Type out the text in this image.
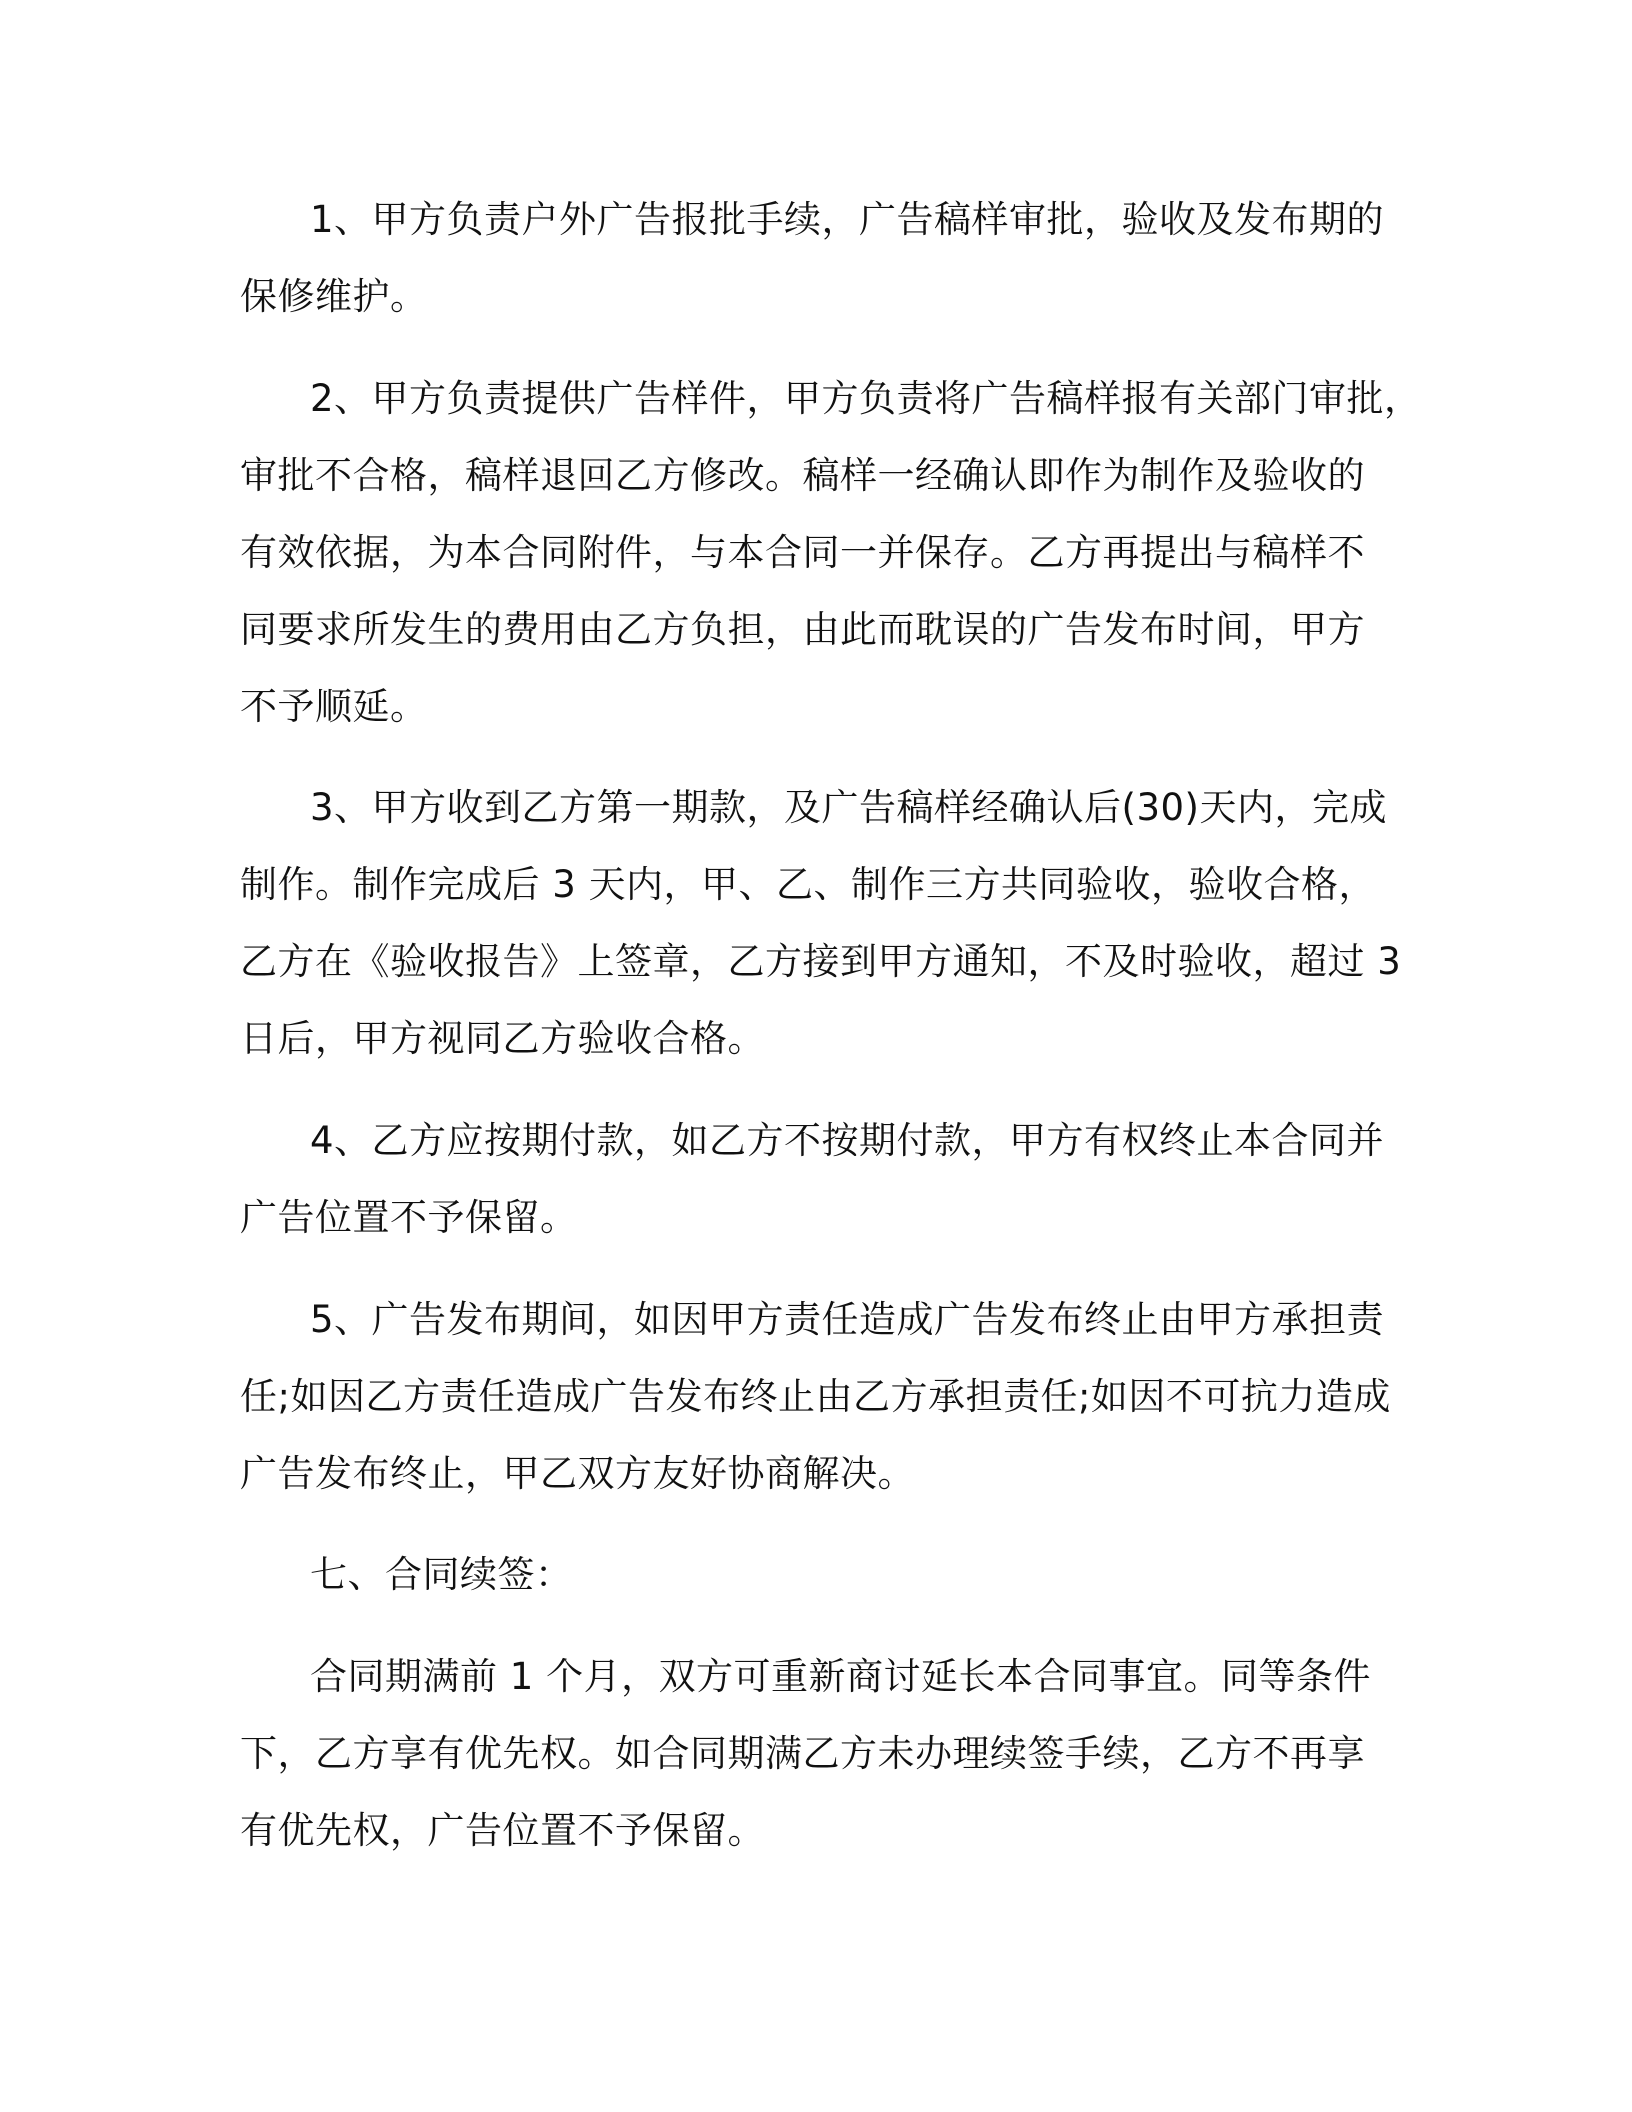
1、甲方负责户外广告报批手续，广告稿样审批，验收及发布期的
保修维护。
2、甲方负责提供广告样件，甲方负责将广告稿样报有关部门审批，
审批不合格，稿样退回乙方修改。稿样一经确认即作为制作及验收的
有效依据，为本合同附件，与本合同一并保存。乙方再提出与稿样不
同要求所发生的费用由乙方负担，由此而耽误的广告发布时间，甲方
不予顺延。
3、甲方收到乙方第一期款，及广告稿样经确认后(30)天内，完成
制作。制作完成后 3 天内，甲、乙、制作三方共同验收，验收合格，
乙方在《验收报告》上签章，乙方接到甲方通知，不及时验收，超过 3
日后，甲方视同乙方验收合格。
4、乙方应按期付款，如乙方不按期付款，甲方有权终止本合同并
广告位置不予保留。
5、广告发布期间，如因甲方责任造成广告发布终止由甲方承担责
任;如因乙方责任造成广告发布终止由乙方承担责任;如因不可抗力造成
广告发布终止，甲乙双方友好协商解决。
七、合同续签：
合同期满前 1 个月，双方可重新商讨延长本合同事宜。同等条件
下，乙方享有优先权。如合同期满乙方未办理续签手续，乙方不再享
有优先权，广告位置不予保留。
